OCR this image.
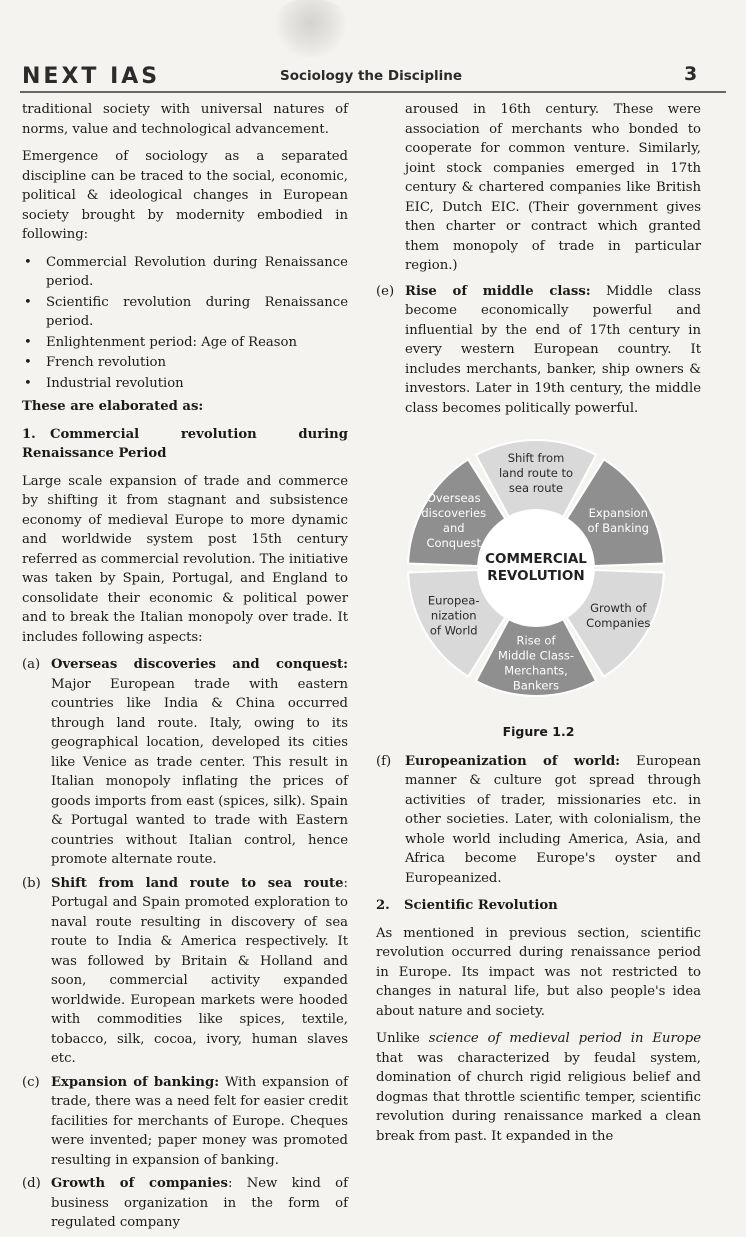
NEXT IAS	Sociology the Discipline	3

traditional society with universal natures of norms, value and technological advancement.

Emergence of sociology as a separated discipline can be traced to the social, economic, political & ideological changes in European society brought by modernity embodied in following:

• Commercial Revolution during Renaissance period.
• Scientific revolution during Renaissance period.
• Enlightenment period: Age of Reason
• French revolution
• Industrial revolution
These are elaborated as:
1. Commercial revolution during Renaissance Period

Large scale expansion of trade and commerce by shifting it from stagnant and subsistence economy of medieval Europe to more dynamic and worldwide system post 15th century referred as commercial revolution. The initiative was taken by Spain, Portugal, and England to consolidate their economic & political power and to break the Italian monopoly over trade. It includes following aspects:

(a) Overseas discoveries and conquest: Major European trade with eastern countries like India & China occurred through land route. Italy, owing to its geographical location, developed its cities like Venice as trade center. This result in Italian monopoly inflating the prices of goods imports from east (spices, silk). Spain & Portugal wanted to trade with Eastern countries without Italian control, hence promote alternate route.
(b) Shift from land route to sea route: Portugal and Spain promoted exploration to naval route resulting in discovery of sea route to India & America respectively. It was followed by Britain & Holland and soon, commercial activity expanded worldwide. European markets were hooded with commodities like spices, textile, tobacco, silk, cocoa, ivory, human slaves etc.
(c) Expansion of banking: With expansion of trade, there was a need felt for easier credit facilities for merchants of Europe. Cheques were invented; paper money was promoted resulting in expansion of banking.
(d) Growth of companies: New kind of business organization in the form of regulated company

aroused in 16th century. These were association of merchants who bonded to cooperate for common venture. Similarly, joint stock companies emerged in 17th century & chartered companies like British EIC, Dutch EIC. (Their government gives then charter or contract which granted them monopoly of trade in particular region.)

(e) Rise of middle class: Middle class become economically powerful and influential by the end of 17th century in every western European country. It includes merchants, banker, ship owners & investors. Later in 19th century, the middle class becomes politically powerful.
COMMERCIAL
REVOLUTION
Shift from
land route to
sea route
Expansion
of Banking
Growth of
Companies
Rise of
Middle Class-
Merchants,
Bankers
Europea-
nization
of World
Overseas
discoveries
and
Conquest
Figure 1.2
(f) Europeanization of world: European manner & culture got spread through activities of trader, missionaries etc. in other societies. Later, with colonialism, the whole world including America, Asia, and Africa become Europe's oyster and Europeanized.
2. Scientific Revolution

As mentioned in previous section, scientific revolution occurred during renaissance period in Europe. Its impact was not restricted to changes in natural life, but also people's idea about nature and society.

Unlike science of medieval period in Europe that was characterized by feudal system, domination of church rigid religious belief and dogmas that throttle scientific temper, scientific revolution during renaissance marked a clean break from past. It expanded in the
